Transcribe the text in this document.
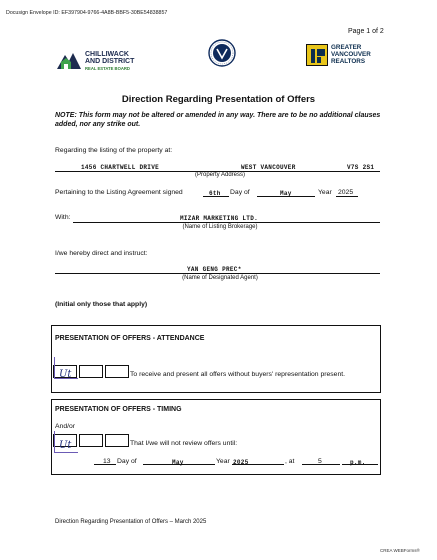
Docusign Envelope ID: EF397904-9766-4A8B-BBF5-30BE54838857
Page 1 of 2
CHILLIWACK AND DISTRICT
REAL ESTATE BOARD
GREATER VANCOUVER REALTORS
Direction Regarding Presentation of Offers
NOTE: This form may not be altered or amended in any way. There are to be no additional clauses added, nor any strike out.
Regarding the listing of the property at:
1456 CHARTWELL DRIVE	WEST VANCOUVER	V7S 2S1
(Property Address)
Pertaining to the Listing Agreement signed	6th Day of	May	Year 2025
With:	MIZAR MARKETING LTD.
(Name of Listing Brokerage)
I/we hereby direct and instruct:
YAN GENG PREC*
(Name of Designated Agent)
(Initial only those that apply)
PRESENTATION OF OFFERS - ATTENDANCE
Ut	To receive and present all offers without buyers' representation present.
PRESENTATION OF OFFERS - TIMING
And/or
Ut	That I/we will not review offers until:
13 Day of	May	Year 2025	, at	5	p.m.
Direction Regarding Presentation of Offers – March 2025
CREA WEBForms®
